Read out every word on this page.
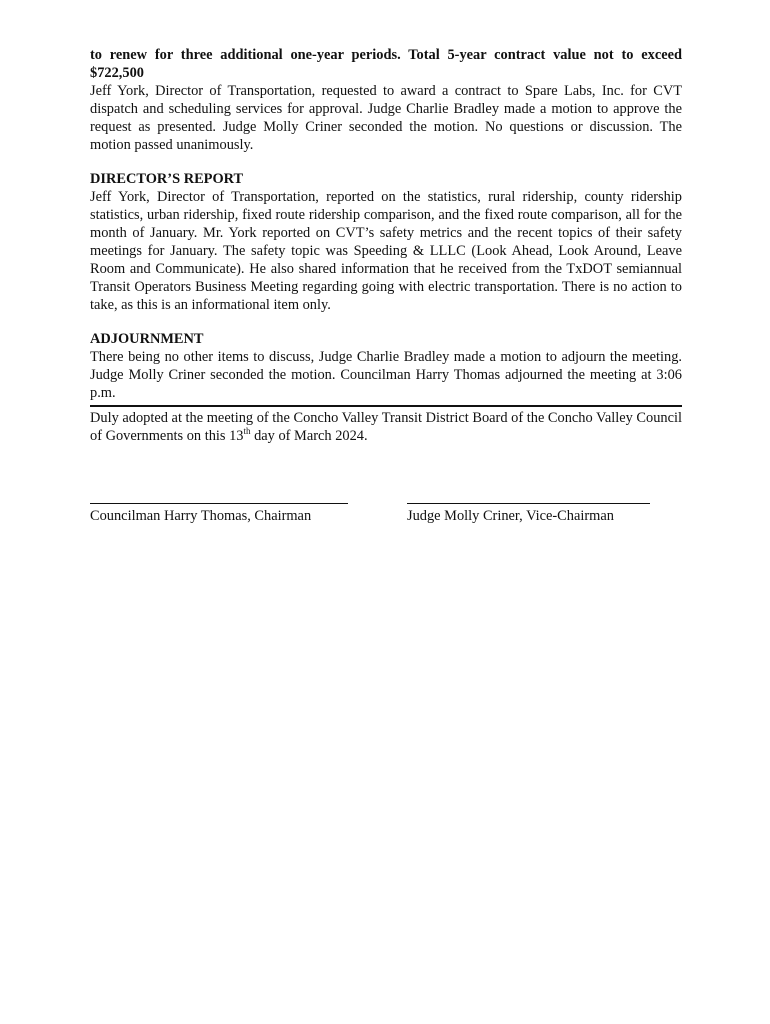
to renew for three additional one-year periods. Total 5-year contract value not to exceed $722,500

Jeff York, Director of Transportation, requested to award a contract to Spare Labs, Inc. for CVT dispatch and scheduling services for approval. Judge Charlie Bradley made a motion to approve the request as presented. Judge Molly Criner seconded the motion. No questions or discussion. The motion passed unanimously.

DIRECTOR’S REPORT

Jeff York, Director of Transportation, reported on the statistics, rural ridership, county ridership statistics, urban ridership, fixed route ridership comparison, and the fixed route comparison, all for the month of January. Mr. York reported on CVT’s safety metrics and the recent topics of their safety meetings for January. The safety topic was Speeding & LLLC (Look Ahead, Look Around, Leave Room and Communicate). He also shared information that he received from the TxDOT semiannual Transit Operators Business Meeting regarding going with electric transportation. There is no action to take, as this is an informational item only.

ADJOURNMENT

There being no other items to discuss, Judge Charlie Bradley made a motion to adjourn the meeting. Judge Molly Criner seconded the motion. Councilman Harry Thomas adjourned the meeting at 3:06 p.m.

Duly adopted at the meeting of the Concho Valley Transit District Board of the Concho Valley Council of Governments on this 13th day of March 2024.

Councilman Harry Thomas, Chairman	Judge Molly Criner, Vice-Chairman
